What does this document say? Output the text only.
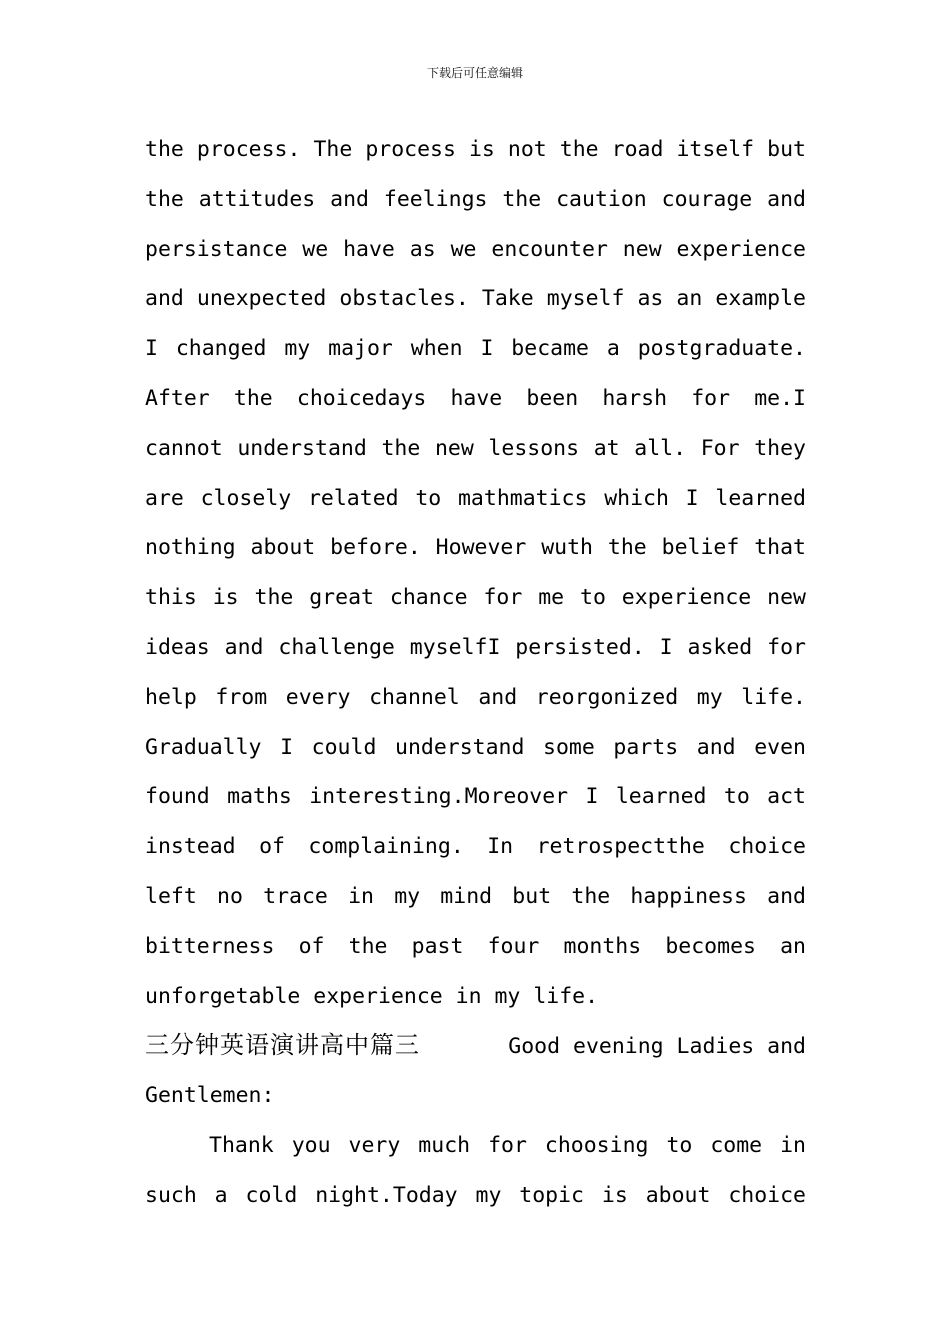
下载后可任意编辑
the process. The process is not the road itself but
the attitudes and feelings the caution courage and
persistance we have as we encounter new experience
and unexpected obstacles. Take myself as an example
I changed my major when I became a postgraduate.
After the choicedays have been harsh for me.I
cannot understand the new lessons at all. For they
are closely related to mathmatics which I learned
nothing about before. However wuth the belief that
this is the great chance for me to experience new
ideas and challenge myselfI persisted. I asked for
help from every channel and reorgonized my life.
Gradually I could understand some parts and even
found maths interesting.Moreover I learned to act
instead of complaining. In retrospectthe choice
left no trace in my mind but the happiness and
bitterness of the past four months becomes an
unforgetable experience in my life.
三分钟英语演讲高中篇三	Good evening Ladies and
Gentlemen:
Thank you very much for choosing to come in
such a cold night.Today my topic is about choice
